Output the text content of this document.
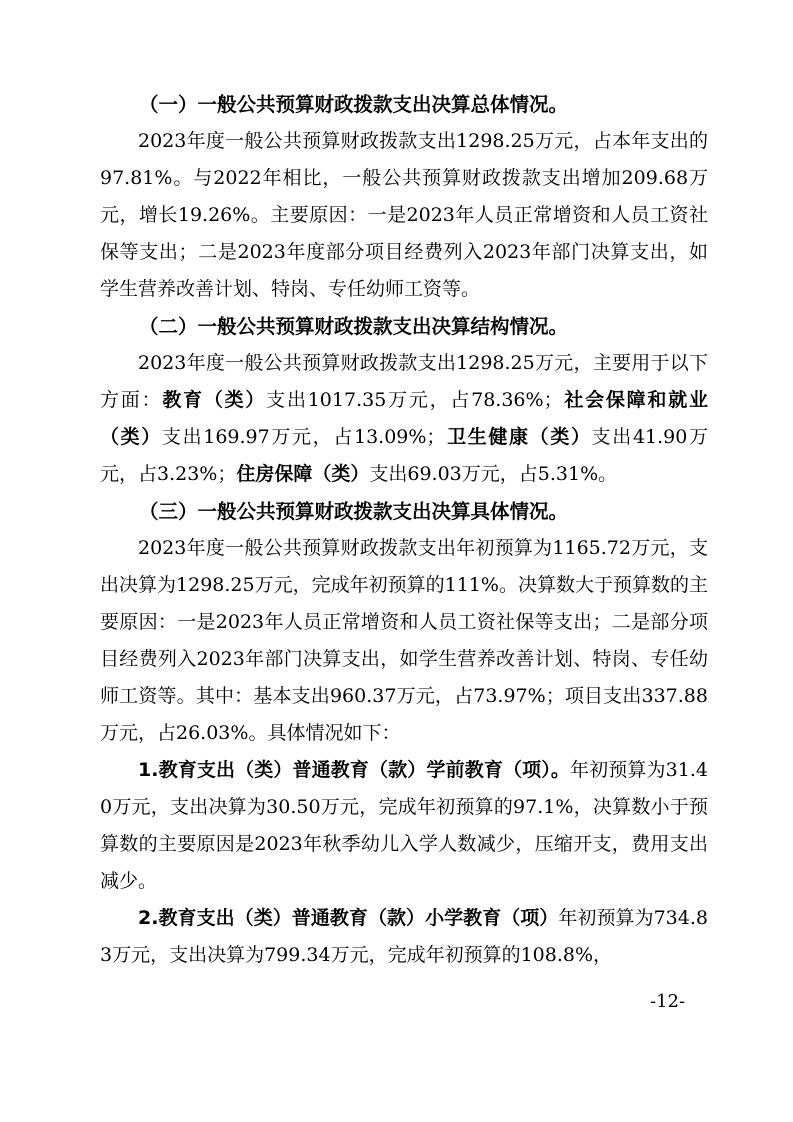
（一）一般公共预算财政拨款支出决算总体情况。

2023年度一般公共预算财政拨款支出1298.25万元，占本年支出的97.81%。与2022年相比，一般公共预算财政拨款支出增加209.68万元，增长19.26%。主要原因：一是2023年人员正常增资和人员工资社保等支出；二是2023年度部分项目经费列入2023年部门决算支出，如学生营养改善计划、特岗、专任幼师工资等。

（二）一般公共预算财政拨款支出决算结构情况。

2023年度一般公共预算财政拨款支出1298.25万元，主要用于以下方面：教育（类）支出1017.35万元，占78.36%；社会保障和就业（类）支出169.97万元，占13.09%；卫生健康（类）支出41.90万元，占3.23%；住房保障（类）支出69.03万元，占5.31%。

（三）一般公共预算财政拨款支出决算具体情况。

2023年度一般公共预算财政拨款支出年初预算为1165.72万元，支出决算为1298.25万元，完成年初预算的111%。决算数大于预算数的主要原因：一是2023年人员正常增资和人员工资社保等支出；二是部分项目经费列入2023年部门决算支出，如学生营养改善计划、特岗、专任幼师工资等。其中：基本支出960.37万元，占73.97%；项目支出337.88万元，占26.03%。具体情况如下：

1.教育支出（类）普通教育（款）学前教育（项）。年初预算为31.40万元，支出决算为30.50万元，完成年初预算的97.1%，决算数小于预算数的主要原因是2023年秋季幼儿入学人数减少，压缩开支，费用支出减少。

2.教育支出（类）普通教育（款）小学教育（项）年初预算为734.83万元，支出决算为799.34万元，完成年初预算的108.8%，

-12-
